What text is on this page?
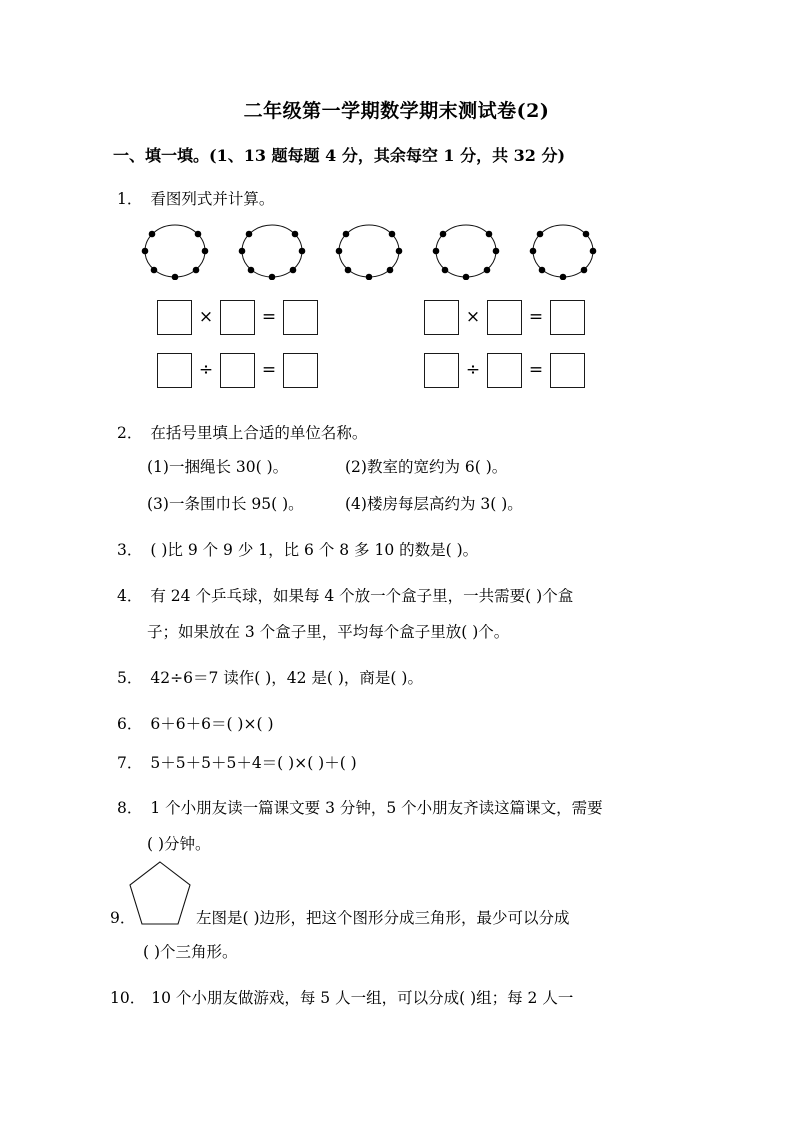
二年级第一学期数学期末测试卷(2)
一、填一填。(1、13 题每题 4 分，其余每空 1 分，共 32 分)
1． 看图列式并计算。
×	=	×	=
÷	=	÷	=
2． 在括号里填上合适的单位名称。
(1)一捆绳长 30( )。	(2)教室的宽约为 6( )。
(3)一条围巾长 95( )。	(4)楼房每层高约为 3( )。
3． ( )比 9 个 9 少 1，比 6 个 8 多 10 的数是( )。
4． 有 24 个乒乓球，如果每 4 个放一个盒子里，一共需要( )个盒
子；如果放在 3 个盒子里，平均每个盒子里放( )个。
5． 42÷6＝7 读作( )，42 是( )，商是( )。
6． 6＋6＋6＝( )×( )
7． 5＋5＋5＋5＋4＝( )×( )＋( )
8． 1 个小朋友读一篇课文要 3 分钟，5 个小朋友齐读这篇课文，需要
( )分钟。
9．	左图是( )边形，把这个图形分成三角形，最少可以分成
( )个三角形。
10． 10 个小朋友做游戏，每 5 人一组，可以分成( )组；每 2 人一
